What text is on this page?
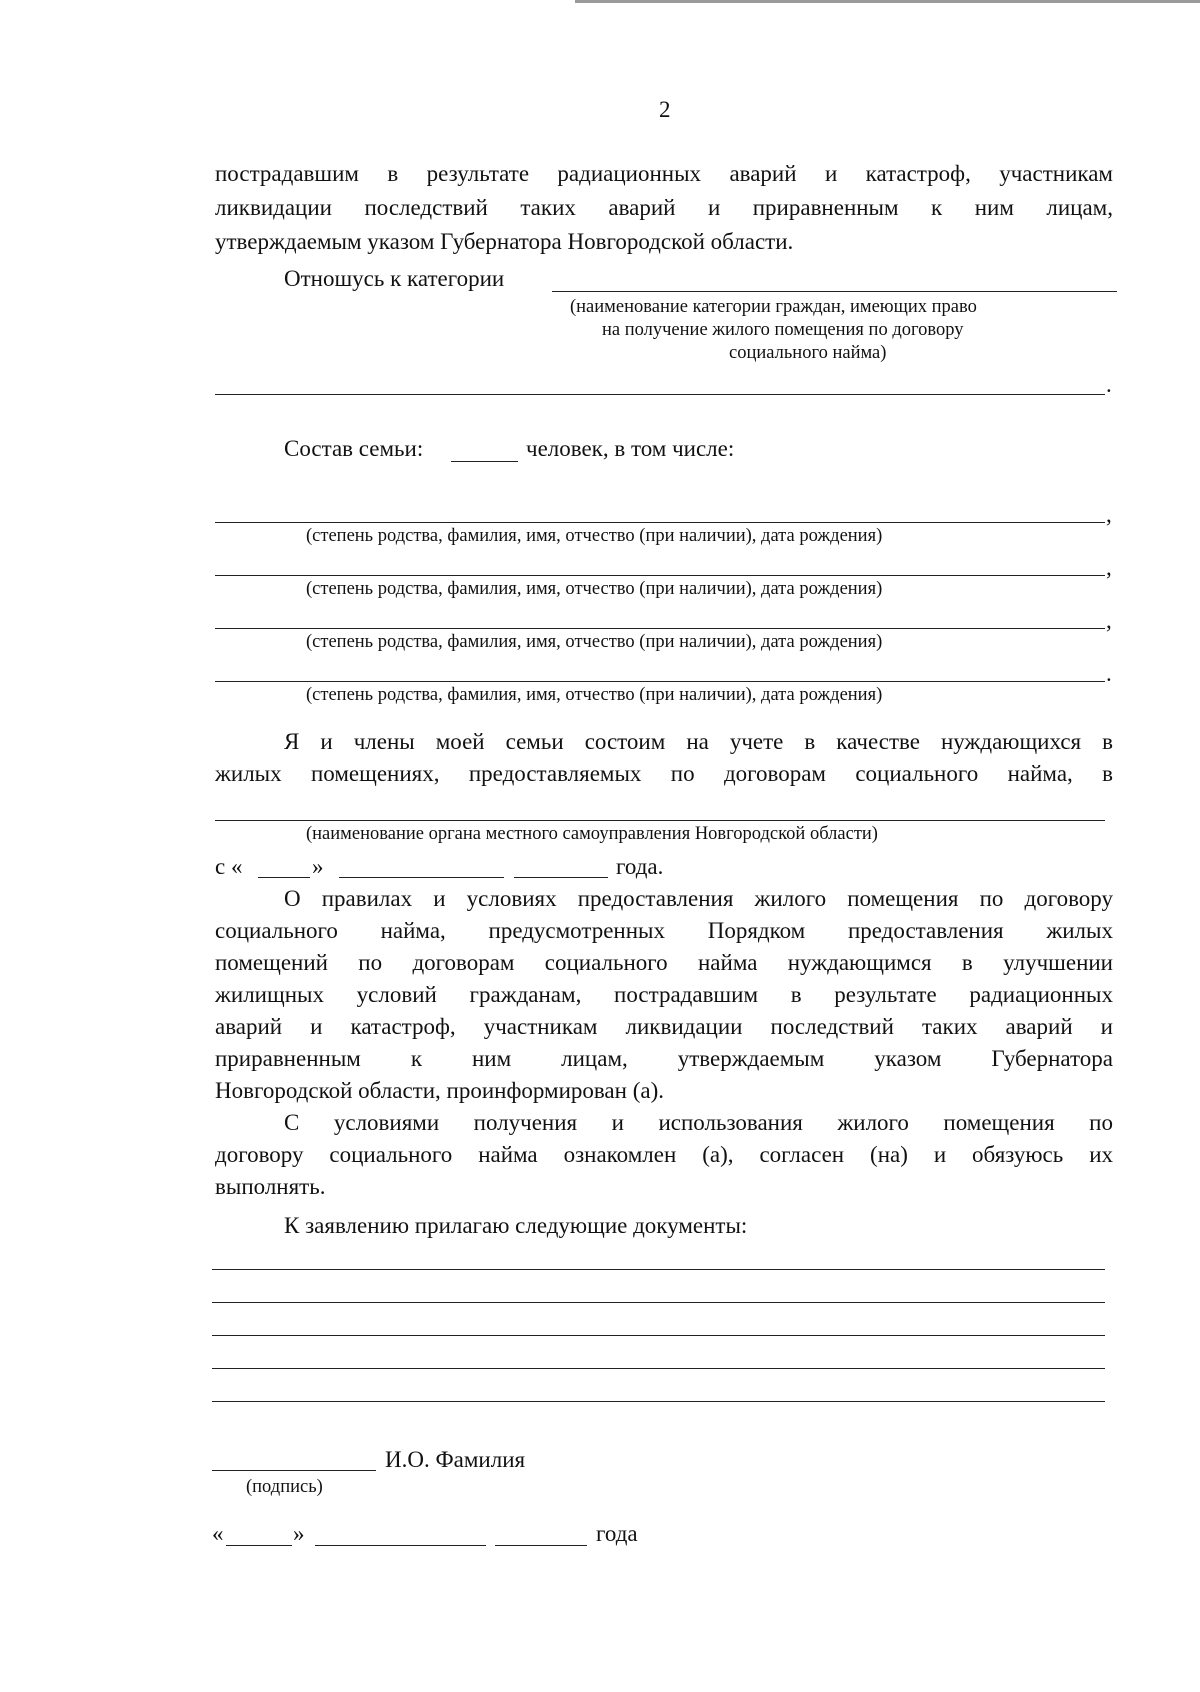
2
пострадавшим в результате радиационных аварий и катастроф, участникам
ликвидации последствий таких аварий и приравненным к ним лицам,
утверждаемым указом Губернатора Новгородской области.
Отношусь к категории
(наименование категории граждан, имеющих право
на получение жилого помещения по договору
социального найма)
.
Состав семьи:	человек, в том числе:
,
(степень родства, фамилия, имя, отчество (при наличии), дата рождения)
,
(степень родства, фамилия, имя, отчество (при наличии), дата рождения)
,
(степень родства, фамилия, имя, отчество (при наличии), дата рождения)
.
(степень родства, фамилия, имя, отчество (при наличии), дата рождения)
Я и члены моей семьи состоим на учете в качестве нуждающихся в
жилых помещениях, предоставляемых по договорам социального найма, в
(наименование органа местного самоуправления Новгородской области)
с «	»	года.
О правилах и условиях предоставления жилого помещения по договору
социального найма, предусмотренных Порядком предоставления жилых
помещений по договорам социального найма нуждающимся в улучшении
жилищных условий гражданам, пострадавшим в результате радиационных
аварий и катастроф, участникам ликвидации последствий таких аварий и
приравненным к ним лицам, утверждаемым указом Губернатора
Новгородской области, проинформирован (а).
С условиями получения и использования жилого помещения по
договору социального найма ознакомлен (а), согласен (на) и обязуюсь их
выполнять.
К заявлению прилагаю следующие документы:
И.О. Фамилия
(подпись)
«	»	года
